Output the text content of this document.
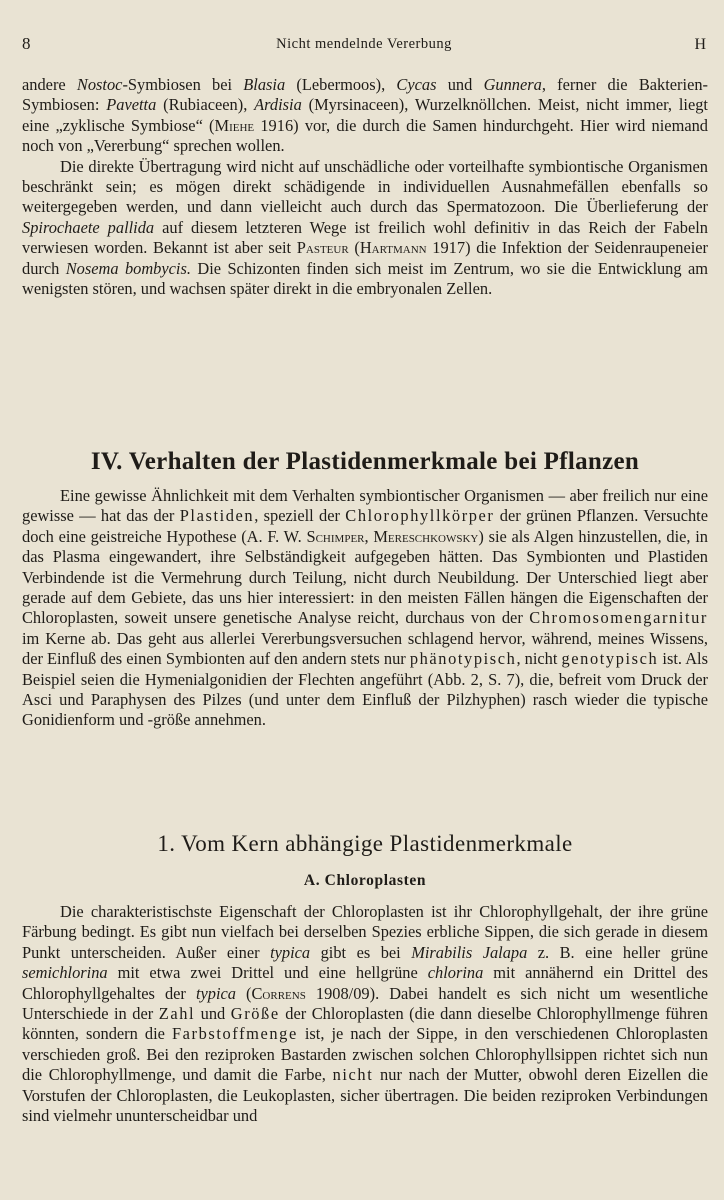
8	Nicht mendelnde Vererbung	H

andere Nostoc-Symbiosen bei Blasia (Lebermoos), Cycas und Gunnera, ferner die Bakterien-Symbiosen: Pavetta (Rubiaceen), Ardisia (Myrsinaceen), Wurzelknöllchen. Meist, nicht immer, liegt eine „zyklische Symbiose“ (Miehe 1916) vor, die durch die Samen hindurchgeht. Hier wird niemand noch von „Vererbung“ sprechen wollen.

Die direkte Übertragung wird nicht auf unschädliche oder vorteilhafte symbiontische Organismen beschränkt sein; es mögen direkt schädigende in individuellen Ausnahmefällen ebenfalls so weitergegeben werden, und dann vielleicht auch durch das Spermatozoon. Die Überlieferung der Spirochaete pallida auf diesem letzteren Wege ist freilich wohl definitiv in das Reich der Fabeln verwiesen worden. Bekannt ist aber seit Pasteur (Hartmann 1917) die Infektion der Seidenraupeneier durch Nosema bombycis. Die Schizonten finden sich meist im Zentrum, wo sie die Entwicklung am wenigsten stören, und wachsen später direkt in die embryonalen Zellen.

IV. Verhalten der Plastidenmerkmale bei Pflanzen

Eine gewisse Ähnlichkeit mit dem Verhalten symbiontischer Organismen — aber freilich nur eine gewisse — hat das der Plastiden, speziell der Chlorophyllkörper der grünen Pflanzen. Versuchte doch eine geistreiche Hypothese (A. F. W. Schimper, Mereschkowsky) sie als Algen hinzustellen, die, in das Plasma eingewandert, ihre Selbständigkeit aufgegeben hätten. Das Symbionten und Plastiden Verbindende ist die Vermehrung durch Teilung, nicht durch Neubildung. Der Unterschied liegt aber gerade auf dem Gebiete, das uns hier interessiert: in den meisten Fällen hängen die Eigenschaften der Chloroplasten, soweit unsere genetische Analyse reicht, durchaus von der Chromosomengarnitur im Kerne ab. Das geht aus allerlei Vererbungsversuchen schlagend hervor, während, meines Wissens, der Einfluß des einen Symbionten auf den andern stets nur phänotypisch, nicht genotypisch ist. Als Beispiel seien die Hymenialgonidien der Flechten angeführt (Abb. 2, S. 7), die, befreit vom Druck der Asci und Paraphysen des Pilzes (und unter dem Einfluß der Pilzhyphen) rasch wieder die typische Gonidienform und -größe annehmen.

1. Vom Kern abhängige Plastidenmerkmale
A. Chloroplasten

Die charakteristischste Eigenschaft der Chloroplasten ist ihr Chlorophyllgehalt, der ihre grüne Färbung bedingt. Es gibt nun vielfach bei derselben Spezies erbliche Sippen, die sich gerade in diesem Punkt unterscheiden. Außer einer typica gibt es bei Mirabilis Jalapa z. B. eine heller grüne semichlorina mit etwa zwei Drittel und eine hellgrüne chlorina mit annähernd ein Drittel des Chlorophyllgehaltes der typica (Correns 1908/09). Dabei handelt es sich nicht um wesentliche Unterschiede in der Zahl und Größe der Chloroplasten (die dann dieselbe Chlorophyllmenge führen könnten, sondern die Farbstoffmenge ist, je nach der Sippe, in den verschiedenen Chloroplasten verschieden groß. Bei den reziproken Bastarden zwischen solchen Chlorophyllsippen richtet sich nun die Chlorophyllmenge, und damit die Farbe, nicht nur nach der Mutter, obwohl deren Eizellen die Vorstufen der Chloroplasten, die Leukoplasten, sicher übertragen. Die beiden reziproken Verbindungen sind vielmehr ununterscheidbar und
